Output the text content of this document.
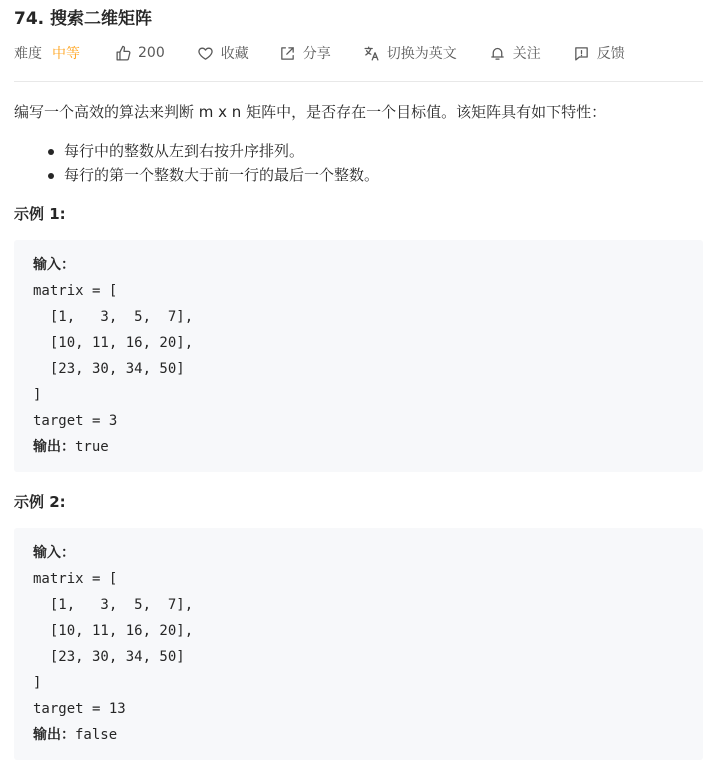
74. 搜索二维矩阵
难度 中等	200	收藏	分享	切换为英文	关注	反馈
编写一个高效的算法来判断 m x n 矩阵中，是否存在一个目标值。该矩阵具有如下特性：
每行中的整数从左到右按升序排列。
每行的第一个整数大于前一行的最后一个整数。
示例 1:
输入：
matrix = [
[1,   3,  5,  7],
[10, 11, 16, 20],
[23, 30, 34, 50]
]
target = 3
输出：true
示例 2:
输入：
matrix = [
[1,   3,  5,  7],
[10, 11, 16, 20],
[23, 30, 34, 50]
]
target = 13
输出：false
